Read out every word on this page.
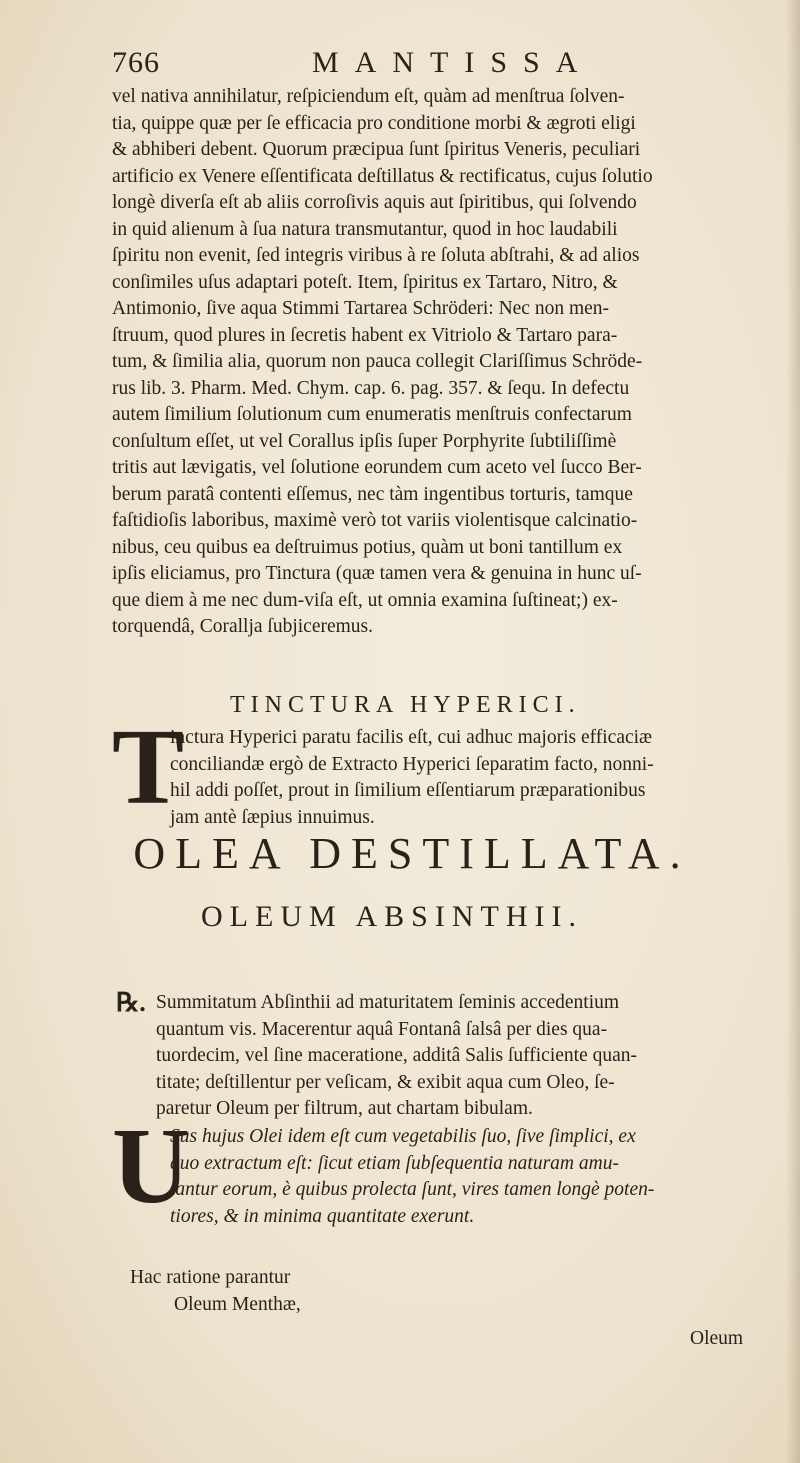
766	MANTISSA

vel nativa annihilatur, reſpiciendum eſt, quàm ad menſtrua ſolven-

tia, quippe quæ per ſe efficacia pro conditione morbi & ægroti eligi

& abhiberi debent. Quorum præcipua ſunt ſpiritus Veneris, peculiari

artificio ex Venere eſſentificata deſtillatus & rectificatus, cujus ſolutio

longè diverſa eſt ab aliis corroſivis aquis aut ſpiritibus, qui ſolvendo

in quid alienum à ſua natura transmutantur, quod in hoc laudabili

ſpiritu non evenit, ſed integris viribus à re ſoluta abſtrahi, & ad alios

conſimiles uſus adaptari poteſt. Item, ſpiritus ex Tartaro, Nitro, &

Antimonio, ſive aqua Stimmi Tartarea Schröderi: Nec non men-

ſtruum, quod plures in ſecretis habent ex Vitriolo & Tartaro para-

tum, & ſimilia alia, quorum non pauca collegit Clariſſimus Schröde-

rus lib. 3. Pharm. Med. Chym. cap. 6. pag. 357. & ſequ. In defectu

autem ſimilium ſolutionum cum enumeratis menſtruis confectarum

conſultum eſſet, ut vel Corallus ipſis ſuper Porphyrite ſubtiliſſimè

tritis aut lævigatis, vel ſolutione eorundem cum aceto vel ſucco Ber-

berum paratâ contenti eſſemus, nec tàm ingentibus torturis, tamque

faſtidioſis laboribus, maximè verò tot variis violentisque calcinatio-

nibus, ceu quibus ea deſtruimus potius, quàm ut boni tantillum ex

ipſis eliciamus, pro Tinctura (quæ tamen vera & genuina in hunc uſ-

que diem à me nec dum-viſa eſt, ut omnia examina ſuſtineat;) ex-

torquendâ, Corallja ſubjiceremus.

TINCTURA HYPERICI.
T
inctura Hyperici paratu facilis eſt, cui adhuc majoris efficaciæ
conciliandæ ergò de Extracto Hyperici ſeparatim facto, nonni-
hil addi poſſet, prout in ſimilium eſſentiarum præparationibus
jam antè ſæpius innuimus.
OLEA DESTILLATA.
OLEUM ABSINTHII.
℞. Summitatum Abſinthii ad maturitatem ſeminis accedentium
quantum vis. Macerentur aquâ Fontanâ ſalsâ per dies qua-
tuordecim, vel ſine maceratione, additâ Salis ſufficiente quan-
titate; deſtillentur per veſicam, & exibit aqua cum Oleo, ſe-
paretur Oleum per filtrum, aut chartam bibulam.
U
Sus hujus Olei idem eſt cum vegetabilis ſuo, ſive ſimplici, ex
quo extractum eſt: ſicut etiam ſubſequentia naturam amu-
lantur eorum, è quibus prolecta ſunt, vires tamen longè poten-
tiores, & in minima quantitate exerunt.
Hac ratione parantur
Oleum Menthæ,
Oleum
